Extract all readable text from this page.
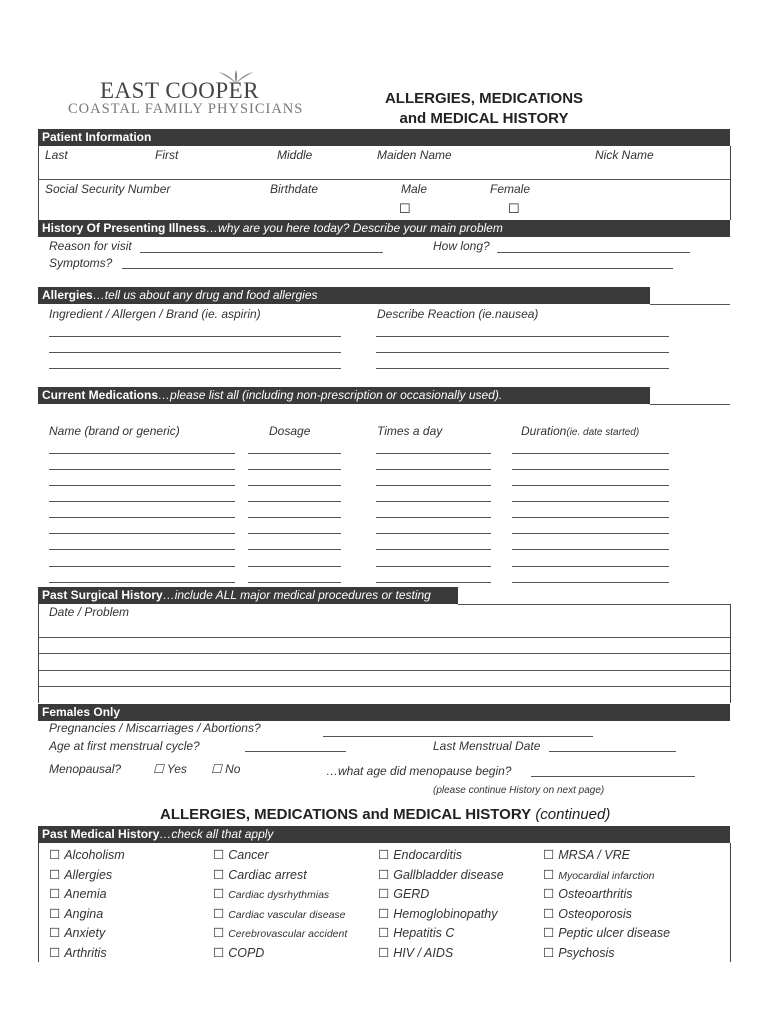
EAST COOPER
COASTAL FAMILY PHYSICIANS
ALLERGIES, MEDICATIONS
and MEDICAL HISTORY
Patient Information
Last	First	Middle	Maiden Name	Nick Name
Social Security Number	Birthdate	Male	Female
☐	☐
History Of Presenting Illness…why are you here today? Describe your main problem
Reason for visit	How long?
Symptoms?
Allergies…tell us about any drug and food allergies
Ingredient / Allergen / Brand (ie. aspirin)	Describe Reaction (ie.nausea)
Current Medications…please list all (including non-prescription or occasionally used).
Name (brand or generic)	Dosage	Times a day	Duration(ie. date started)
Past Surgical History…include ALL major medical procedures or testing
Date / Problem
Females Only
Pregnancies / Miscarriages / Abortions?
Age at first menstrual cycle?	Last Menstrual Date
Menopausal?	☐ Yes ☐ No	…what age did menopause begin?
(please continue History on next page)
ALLERGIES, MEDICATIONS and MEDICAL HISTORY (continued)
Past Medical History…check all that apply
☐ Alcoholism
☐ Allergies
☐ Anemia
☐ Angina
☐ Anxiety
☐ Arthritis
☐ Cancer
☐ Cardiac arrest
☐ Cardiac dysrhythmias
☐ Cardiac vascular disease
☐ Cerebrovascular accident
☐ COPD
☐ Endocarditis
☐ Gallbladder disease
☐ GERD
☐ Hemoglobinopathy
☐ Hepatitis C
☐ HIV / AIDS
☐ MRSA / VRE
☐ Myocardial infarction
☐ Osteoarthritis
☐ Osteoporosis
☐ Peptic ulcer disease
☐ Psychosis
